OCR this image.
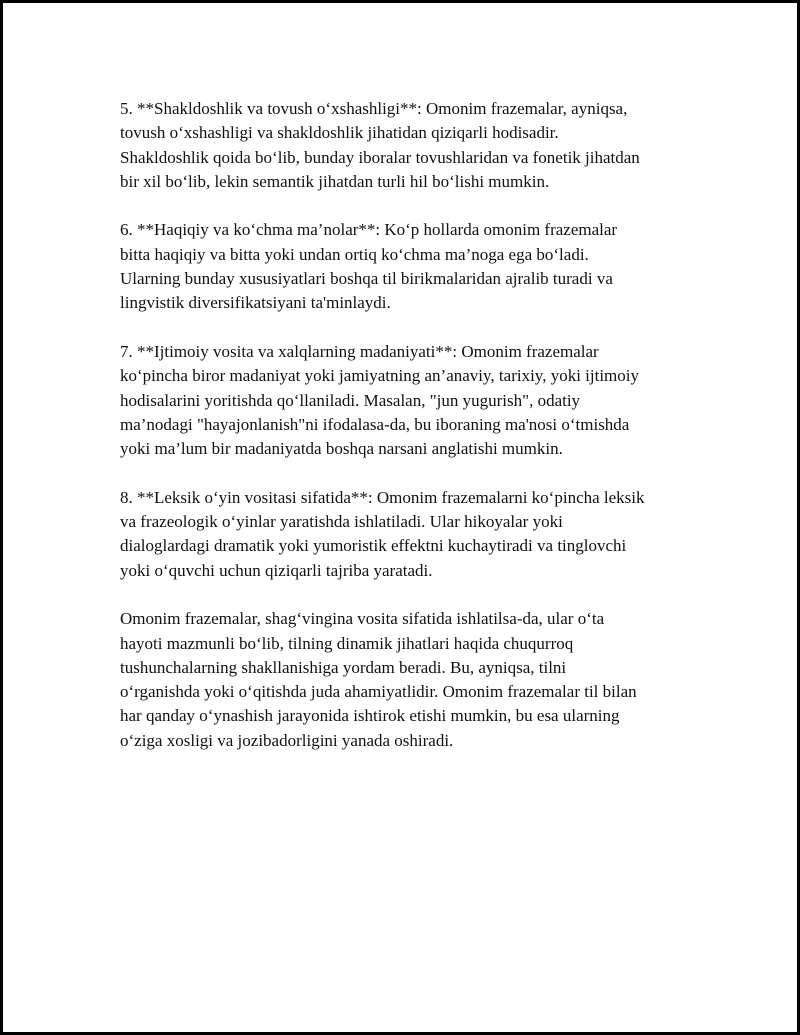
5. **Shakldoshlik va tovush o‘xshashligi**: Omonim frazemalar, ayniqsa,
tovush o‘xshashligi va shakldoshlik jihatidan qiziqarli hodisadir.
Shakldoshlik qoida bo‘lib, bunday iboralar tovushlaridan va fonetik jihatdan
bir xil bo‘lib, lekin semantik jihatdan turli hil bo‘lishi mumkin.

6. **Haqiqiy va ko‘chma ma’nolar**: Ko‘p hollarda omonim frazemalar
bitta haqiqiy va bitta yoki undan ortiq ko‘chma ma’noga ega bo‘ladi.
Ularning bunday xususiyatlari boshqa til birikmalaridan ajralib turadi va
lingvistik diversifikatsiyani ta'minlaydi.

7. **Ijtimoiy vosita va xalqlarning madaniyati**: Omonim frazemalar
ko‘pincha biror madaniyat yoki jamiyatning an’anaviy, tarixiy, yoki ijtimoiy
hodisalarini yoritishda qo‘llaniladi. Masalan, "jun yugurish", odatiy
ma’nodagi "hayajonlanish"ni ifodalasa-da, bu iboraning ma'nosi o‘tmishda
yoki ma’lum bir madaniyatda boshqa narsani anglatishi mumkin.

8. **Leksik o‘yin vositasi sifatida**: Omonim frazemalarni ko‘pincha leksik
va frazeologik o‘yinlar yaratishda ishlatiladi. Ular hikoyalar yoki
dialoglardagi dramatik yoki yumoristik effektni kuchaytiradi va tinglovchi
yoki o‘quvchi uchun qiziqarli tajriba yaratadi.

Omonim frazemalar, shag‘vingina vosita sifatida ishlatilsa-da, ular o‘ta
hayoti mazmunli bo‘lib, tilning dinamik jihatlari haqida chuqurroq
tushunchalarning shakllanishiga yordam beradi. Bu, ayniqsa, tilni
o‘rganishda yoki o‘qitishda juda ahamiyatlidir. Omonim frazemalar til bilan
har qanday o‘ynashish jarayonida ishtirok etishi mumkin, bu esa ularning
o‘ziga xosligi va jozibadorligini yanada oshiradi.
